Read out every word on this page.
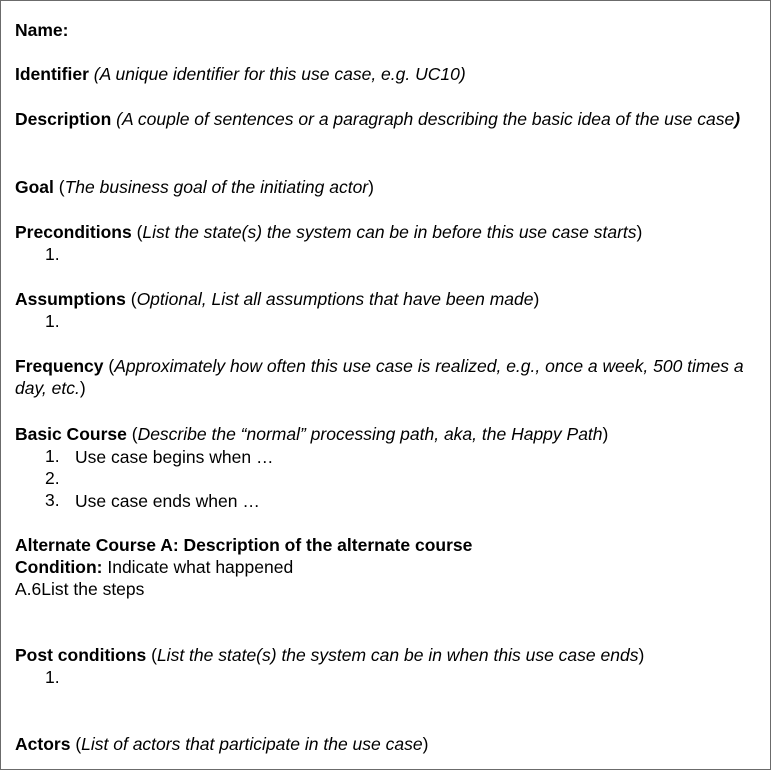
Name:
Identifier (A unique identifier for this use case, e.g. UC10)
Description (A couple of sentences or a paragraph describing the basic idea of the use case)
Goal (The business goal of the initiating actor)
Preconditions (List the state(s) the system can be in before this use case starts)
1.
Assumptions (Optional, List all assumptions that have been made)
1.
Frequency (Approximately how often this use case is realized, e.g., once a week, 500 times a day, etc.)
Basic Course (Describe the “normal” processing path, aka, the Happy Path)
1. Use case begins when …
2.
3. Use case ends when …
Alternate Course A: Description of the alternate course
Condition: Indicate what happened
A.6List the steps
Post conditions (List the state(s) the system can be in when this use case ends)
1.
Actors (List of actors that participate in the use case)
